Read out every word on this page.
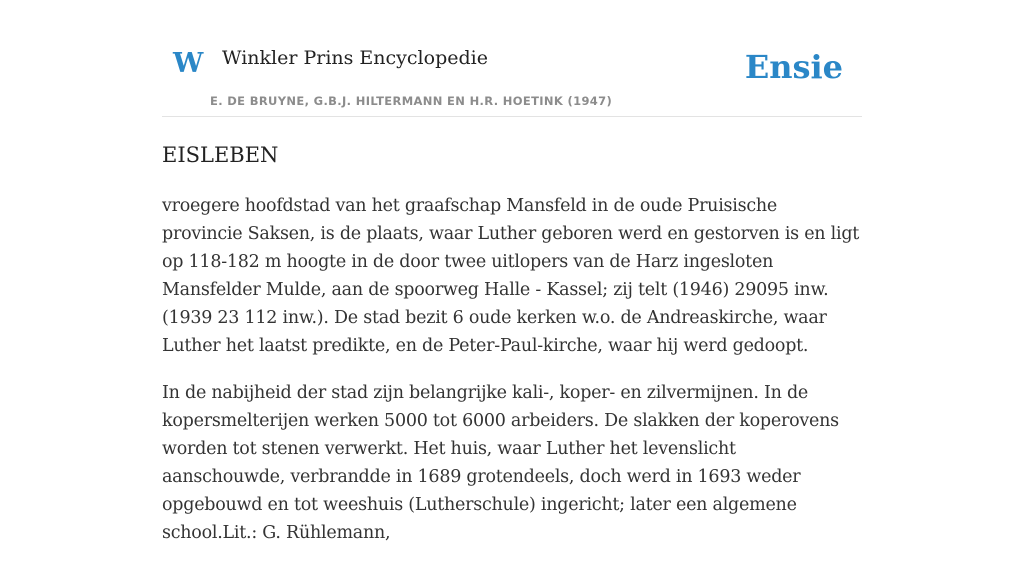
W Winkler Prins Encyclopedie
E. DE BRUYNE, G.B.J. HILTERMANN EN H.R. HOETINK (1947)
Ensie
EISLEBEN

vroegere hoofdstad van het graafschap Mansfeld in de oude Pruisische provincie Saksen, is de plaats, waar Luther geboren werd en gestorven is en ligt op 118-182 m hoogte in de door twee uitlopers van de Harz ingesloten Mansfelder Mulde, aan de spoorweg Halle - Kassel; zij telt (1946) 29095 inw. (1939 23 112 inw.). De stad bezit 6 oude kerken w.o. de Andreaskirche, waar Luther het laatst predikte, en de Peter-Paul-kirche, waar hij werd gedoopt.

In de nabijheid der stad zijn belangrijke kali-, koper- en zilvermijnen. In de kopersmelterijen werken 5000 tot 6000 arbeiders. De slakken der koperovens worden tot stenen verwerkt. Het huis, waar Luther het levenslicht aanschouwde, verbrandde in 1689 grotendeels, doch werd in 1693 weder opgebouwd en tot weeshuis (Lutherschule) ingericht; later een algemene school.Lit.: G. Rühlemann,
